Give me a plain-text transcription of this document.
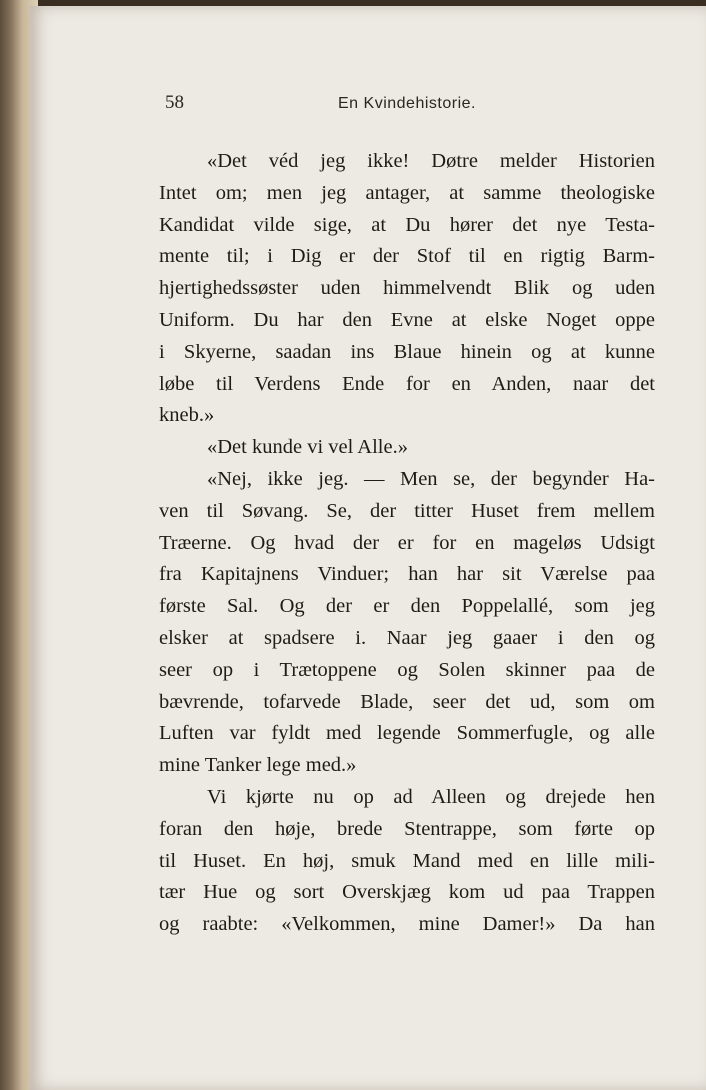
58	En Kvindehistorie.
«Det véd jeg ikke! Døtre melder Historien
Intet om; men jeg antager, at samme theologiske
Kandidat vilde sige, at Du hører det nye Testa-
mente til; i Dig er der Stof til en rigtig Barm-
hjertighedssøster uden himmelvendt Blik og uden
Uniform. Du har den Evne at elske Noget oppe
i Skyerne, saadan ins Blaue hinein og at kunne
løbe til Verdens Ende for en Anden, naar det
kneb.»
«Det kunde vi vel Alle.»
«Nej, ikke jeg. — Men se, der begynder Ha-
ven til Søvang. Se, der titter Huset frem mellem
Træerne. Og hvad der er for en mageløs Udsigt
fra Kapitajnens Vinduer; han har sit Værelse paa
første Sal. Og der er den Poppelallé, som jeg
elsker at spadsere i. Naar jeg gaaer i den og
seer op i Trætoppene og Solen skinner paa de
bævrende, tofarvede Blade, seer det ud, som om
Luften var fyldt med legende Sommerfugle, og alle
mine Tanker lege med.»
Vi kjørte nu op ad Alleen og drejede hen
foran den høje, brede Stentrappe, som førte op
til Huset. En høj, smuk Mand med en lille mili-
tær Hue og sort Overskjæg kom ud paa Trappen
og raabte: «Velkommen, mine Damer!» Da han
